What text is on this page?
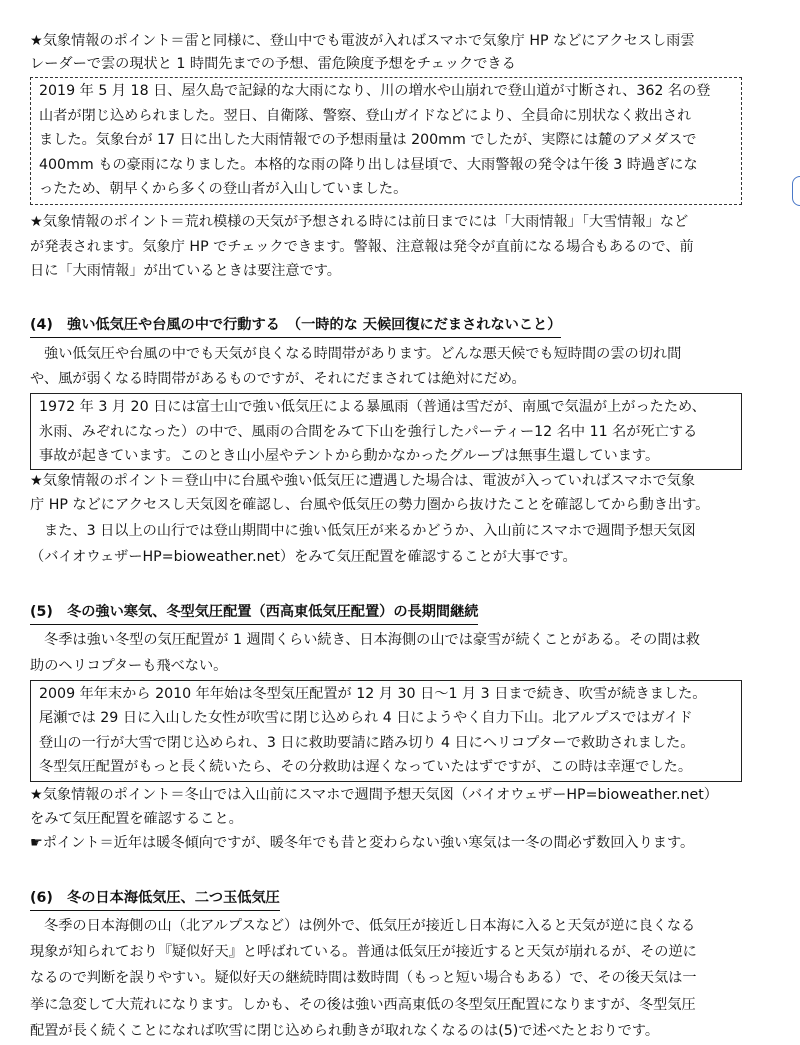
★気象情報のポイント＝雷と同様に、登山中でも電波が入ればスマホで気象庁 HP などにアクセスし雨雲
レーダーで雲の現状と 1 時間先までの予想、雷危険度予想をチェックできる
2019 年 5 月 18 日、屋久島で記録的な大雨になり、川の増水や山崩れで登山道が寸断され、362 名の登
山者が閉じ込められました。翌日、自衛隊、警察、登山ガイドなどにより、全員命に別状なく救出され
ました。気象台が 17 日に出した大雨情報での予想雨量は 200mm でしたが、実際には麓のアメダスで
400mm もの豪雨になりました。本格的な雨の降り出しは昼頃で、大雨警報の発令は午後 3 時過ぎにな
ったため、朝早くから多くの登山者が入山していました。
★気象情報のポイント＝荒れ模様の天気が予想される時には前日までには「大雨情報」「大雪情報」など
が発表されます。気象庁 HP でチェックできます。警報、注意報は発令が直前になる場合もあるので、前
日に「大雨情報」が出ているときは要注意です。
(4)　強い低気圧や台風の中で行動する　（一時的な 天候回復にだまされないこと）
強い低気圧や台風の中でも天気が良くなる時間帯があります。どんな悪天候でも短時間の雲の切れ間
や、風が弱くなる時間帯があるものですが、それにだまされては絶対にだめ。
1972 年 3 月 20 日には富士山で強い低気圧による暴風雨（普通は雪だが、南風で気温が上がったため、
氷雨、みぞれになった）の中で、風雨の合間をみて下山を強行したパーティー12 名中 11 名が死亡する
事故が起きています。このとき山小屋やテントから動かなかったグループは無事生還しています。
★気象情報のポイント＝登山中に台風や強い低気圧に遭遇した場合は、電波が入っていればスマホで気象
庁 HP などにアクセスし天気図を確認し、台風や低気圧の勢力圏から抜けたことを確認してから動き出す。
また、3 日以上の山行では登山期間中に強い低気圧が来るかどうか、入山前にスマホで週間予想天気図
（バイオウェザーHP=bioweather.net）をみて気圧配置を確認することが大事です。
(5)　冬の強い寒気、冬型気圧配置（西高東低気圧配置）の長期間継続
冬季は強い冬型の気圧配置が 1 週間くらい続き、日本海側の山では豪雪が続くことがある。その間は救
助のヘリコプターも飛べない。
2009 年年末から 2010 年年始は冬型気圧配置が 12 月 30 日～1 月 3 日まで続き、吹雪が続きました。
尾瀬では 29 日に入山した女性が吹雪に閉じ込められ 4 日にようやく自力下山。北アルプスではガイド
登山の一行が大雪で閉じ込められ、3 日に救助要請に踏み切り 4 日にヘリコプターで救助されました。
冬型気圧配置がもっと長く続いたら、その分救助は遅くなっていたはずですが、この時は幸運でした。
★気象情報のポイント＝冬山では入山前にスマホで週間予想天気図（バイオウェザーHP=bioweather.net）
をみて気圧配置を確認すること。
☛ポイント＝近年は暖冬傾向ですが、暖冬年でも昔と変わらない強い寒気は一冬の間必ず数回入ります。
(6)　冬の日本海低気圧、二つ玉低気圧
冬季の日本海側の山（北アルプスなど）は例外で、低気圧が接近し日本海に入ると天気が逆に良くなる
現象が知られており『疑似好天』と呼ばれている。普通は低気圧が接近すると天気が崩れるが、その逆に
なるので判断を誤りやすい。疑似好天の継続時間は数時間（もっと短い場合もある）で、その後天気は一
挙に急変して大荒れになります。しかも、その後は強い西高東低の冬型気圧配置になりますが、冬型気圧
配置が長く続くことになれば吹雪に閉じ込められ動きが取れなくなるのは(5)で述べたとおりです。
